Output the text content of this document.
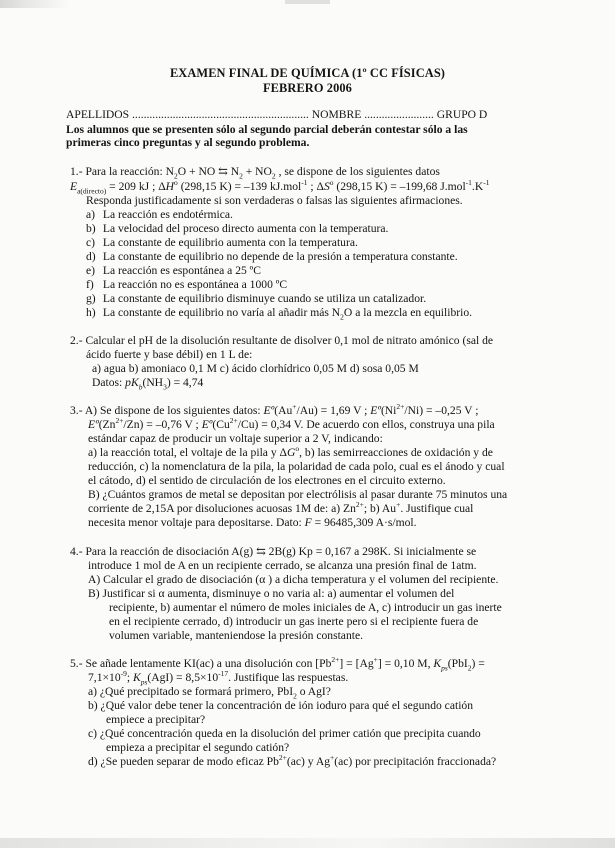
EXAMEN FINAL DE QUÍMICA (1º CC FÍSICAS)
FEBRERO 2006
APELLIDOS ............................................................. NOMBRE ........................ GRUPO D
Los alumnos que se presenten sólo al segundo parcial deberán contestar sólo a las
primeras cinco preguntas y al segundo problema.
1.- Para la reacción: $N_2O$ + NO ⇆ $N_2 + NO_2$ , se dispone de los siguientes datos
$E_{a(directo)} = 209$ kJ ; $\Delta H^o$ (298,15 K) = –139 kJ.mol$^{-1}$ ; $\Delta S^o$ (298,15 K) = –199,68 $J.mol^{-1}.K^{-1}$
Responda justificadamente si son verdaderas o falsas las siguientes afirmaciones.
a) La reacción es endotérmica.
b) La velocidad del proceso directo aumenta con la temperatura.
c) La constante de equilibrio aumenta con la temperatura.
d) La constante de equilibrio no depende de la presión a temperatura constante.
e) La reacción es espontánea a 25 ºC
f) La reacción no es espontánea a 1000 ºC
g) La constante de equilibrio disminuye cuando se utiliza un catalizador.
h) La constante de equilibrio no varía al añadir más $N_2O$ a la mezcla en equilibrio.
2.- Calcular el pH de la disolución resultante de disolver 0,1 mol de nitrato amónico (sal de
ácido fuerte y base débil) en 1 L de:
a) agua b) amoniaco 0,1 M c) ácido clorhídrico 0,05 M d) sosa 0,05 M
Datos: $pK_b(NH_3) = 4,74$
3.- A) Se dispone de los siguientes datos: Eº(Au+/Au) = 1,69 V ; $Eº(Ni^{2+}/Ni) = -0,25$ V ;
$Eº(Zn^{2+}/Zn) = -0,76$ V ; $Eº(Cu^{2+}/Cu) = 0,34$ V. De acuerdo con ellos, construya una pila
estándar capaz de producir un voltaje superior a 2 V, indicando:
a) la reacción total, el voltaje de la pila y $\Delta G^o$, b) las semirreacciones de oxidación y de
reducción, c) la nomenclatura de la pila, la polaridad de cada polo, cual es el ánodo y cual
el cátodo, d) el sentido de circulación de los electrones en el circuito externo.
B) ¿Cuántos gramos de metal se depositan por electrólisis al pasar durante 75 minutos una
corriente de 2,15A por disoluciones acuosas 1M de: a) $Zn^{2+}$; b) Au+. Justifique cual
necesita menor voltaje para depositarse. Dato: F = 96485,309 A·s/mol.
4.- Para la reacción de disociación A(g) ⇆ 2B(g) Kp = 0,167 a 298K. Si inicialmente se
introduce 1 mol de A en un recipiente cerrado, se alcanza una presión final de 1atm.
A) Calcular el grado de disociación (α ) a dicha temperatura y el volumen del recipiente.
B) Justificar si α aumenta, disminuye o no varia al: a) aumentar el volumen del
recipiente, b) aumentar el número de moles iniciales de A, c) introducir un gas inerte
en el recipiente cerrado, d) introducir un gas inerte pero si el recipiente fuera de
volumen variable, manteniendose la presión constante.
5.- Se añade lentamente KI(ac) a una disolución con $[Pb^{2+}] = [Ag^+] = 0,10$ M, $K_{ps}(PbI_2)$ =
$7,1\times 10^{-9}$; $K_{ps}(AgI) = 8,5\times 10^{-17}$. Justifique las respuestas.
a) ¿Qué precipitado se formará primero, PbI$_2$ o AgI?
b) ¿Qué valor debe tener la concentración de ión ioduro para qué el segundo catión
empiece a precipitar?
c) ¿Qué concentración queda en la disolución del primer catión que precipita cuando
empieza a precipitar el segundo catión?
d) ¿Se pueden separar de modo eficaz $Pb^{2+}(ac)$ y Ag+(ac) por precipitación fraccionada?
